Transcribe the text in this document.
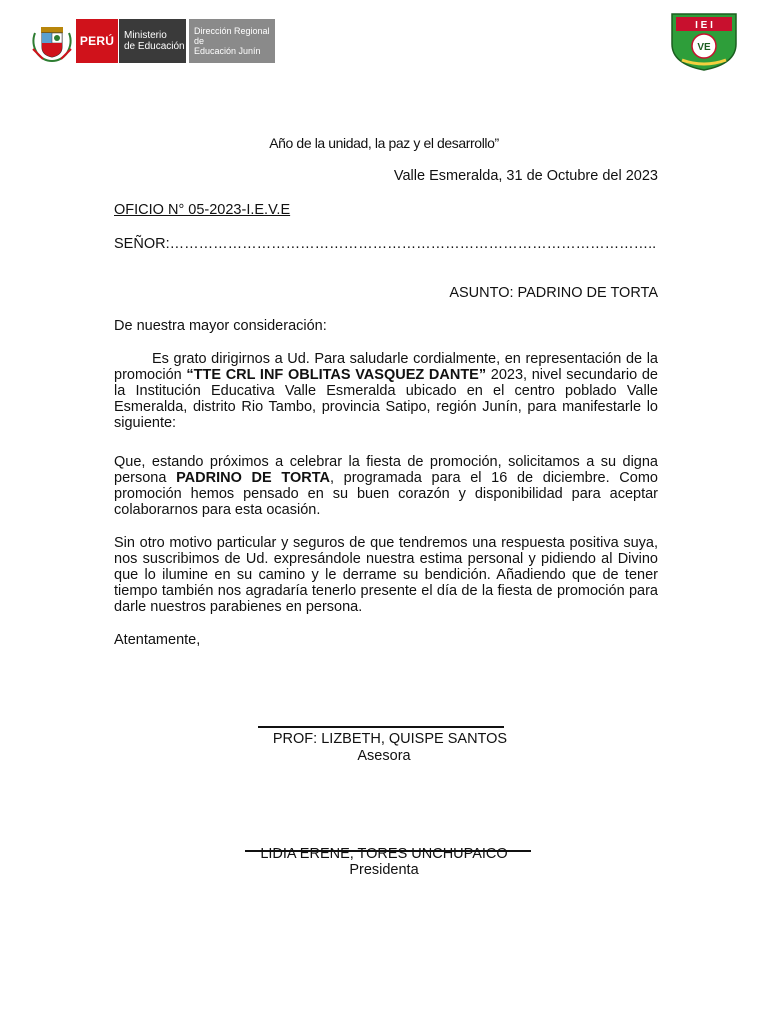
PERÚ Ministerio
de Educación
Dirección Regional de
Educación Junín
I E I
VE
Año de la unidad, la paz y el desarrollo”
Valle Esmeralda, 31 de Octubre del 2023
OFICIO N° 05-2023-I.E.V.E
SEÑOR:………………………………………………………………………………………..
ASUNTO: PADRINO DE TORTA
De nuestra mayor consideración:
Es grato dirigirnos a Ud. Para saludarle cordialmente, en representación de la promoción “TTE CRL INF OBLITAS VASQUEZ DANTE” 2023, nivel secundario de la Institución Educativa Valle Esmeralda ubicado en el centro poblado Valle Esmeralda, distrito Rio Tambo, provincia Satipo, región Junín, para manifestarle lo siguiente:
Que, estando próximos a celebrar la fiesta de promoción, solicitamos a su digna persona PADRINO DE TORTA, programada para el 16 de diciembre. Como promoción hemos pensado en su buen corazón y disponibilidad para aceptar colaborarnos para esta ocasión.
Sin otro motivo particular y seguros de que tendremos una respuesta positiva suya, nos suscribimos de Ud. expresándole nuestra estima personal y pidiendo al Divino que lo ilumine en su camino y le derrame su bendición. Añadiendo que de tener tiempo también nos agradaría tenerlo presente el día de la fiesta de promoción para darle nuestros parabienes en persona.
Atentamente,
PROF: LIZBETH, QUISPE SANTOS
Asesora
LIDIA ERENE, TORES UNCHUPAICO
Presidenta
